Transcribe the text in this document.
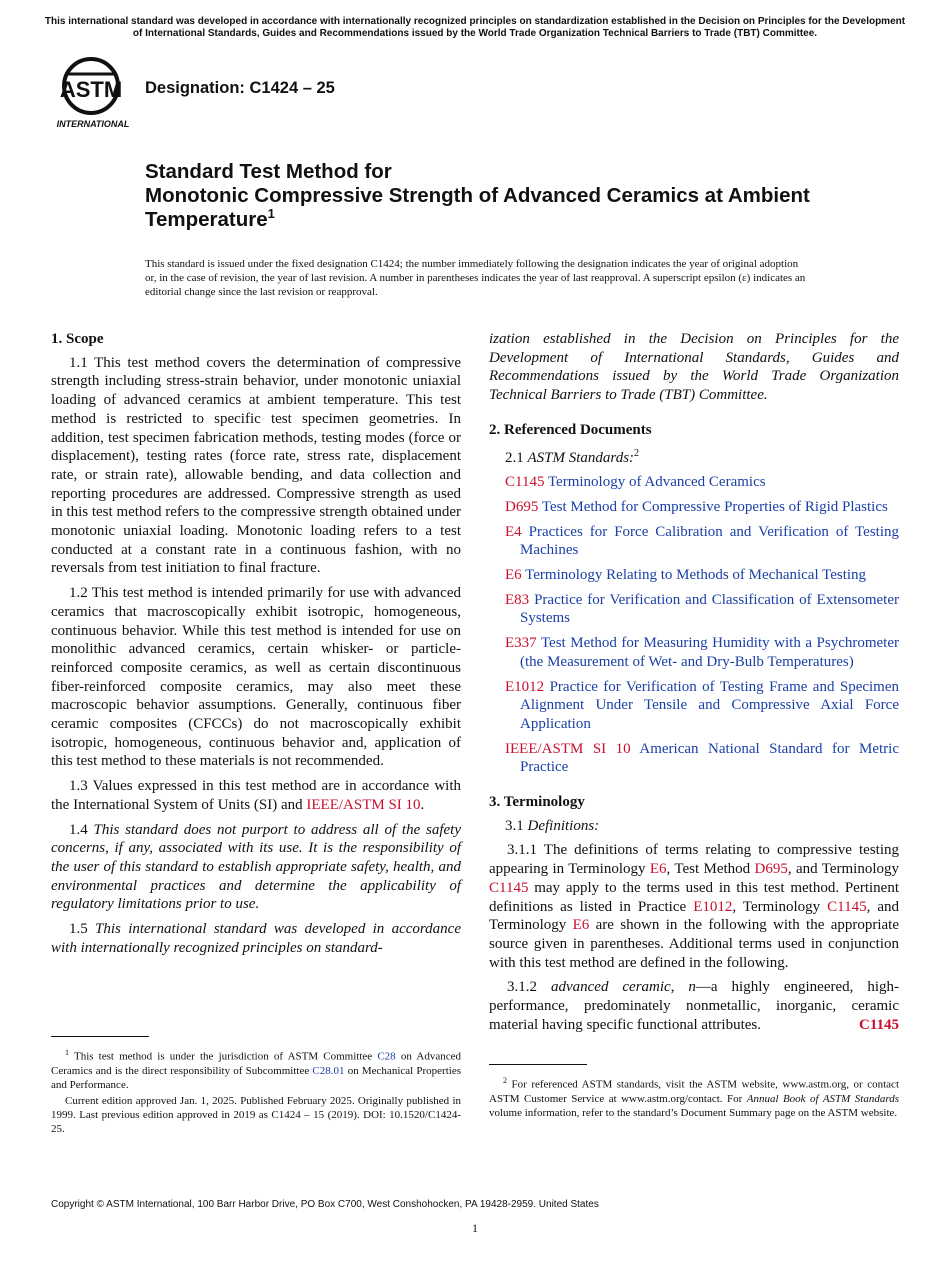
This international standard was developed in accordance with internationally recognized principles on standardization established in the Decision on Principles for the Development of International Standards, Guides and Recommendations issued by the World Trade Organization Technical Barriers to Trade (TBT) Committee.
ASTM
INTERNATIONAL
Designation: C1424 – 25
Standard Test Method for
Monotonic Compressive Strength of Advanced Ceramics at Ambient Temperature$^1$
This standard is issued under the fixed designation C1424; the number immediately following the designation indicates the year of original adoption or, in the case of revision, the year of last revision. A number in parentheses indicates the year of last reapproval. A superscript epsilon (ε) indicates an editorial change since the last revision or reapproval.
1. Scope

1.1 This test method covers the determination of compressive strength including stress-strain behavior, under monotonic uniaxial loading of advanced ceramics at ambient temperature. This test method is restricted to specific test specimen geometries. In addition, test specimen fabrication methods, testing modes (force or displacement), testing rates (force rate, stress rate, displacement rate, or strain rate), allowable bending, and data collection and reporting procedures are addressed. Compressive strength as used in this test method refers to the compressive strength obtained under monotonic uniaxial loading. Monotonic loading refers to a test conducted at a constant rate in a continuous fashion, with no reversals from test initiation to final fracture.

1.2 This test method is intended primarily for use with advanced ceramics that macroscopically exhibit isotropic, homogeneous, continuous behavior. While this test method is intended for use on monolithic advanced ceramics, certain whisker- or particle-reinforced composite ceramics, as well as certain discontinuous fiber-reinforced composite ceramics, may also meet these macroscopic behavior assumptions. Generally, continuous fiber ceramic composites (CFCCs) do not macroscopically exhibit isotropic, homogeneous, continuous behavior and, application of this test method to these materials is not recommended.

1.3 Values expressed in this test method are in accordance with the International System of Units (SI) and IEEE/ASTM SI 10.

1.4 This standard does not purport to address all of the safety concerns, if any, associated with its use. It is the responsibility of the user of this standard to establish appropriate safety, health, and environmental practices and determine the applicability of regulatory limitations prior to use.

1.5 This international standard was developed in accordance with internationally recognized principles on standard-

$^1$ This test method is under the jurisdiction of ASTM Committee C28 on Advanced Ceramics and is the direct responsibility of Subcommittee C28.01 on Mechanical Properties and Performance.

Current edition approved Jan. 1, 2025. Published February 2025. Originally published in 1999. Last previous edition approved in 2019 as C1424 – 15 (2019). DOI: 10.1520/C1424-25.

ization established in the Decision on Principles for the Development of International Standards, Guides and Recommendations issued by the World Trade Organization Technical Barriers to Trade (TBT) Committee.

2. Referenced Documents

2.1 ASTM Standards:$^2$

C1145 Terminology of Advanced Ceramics

D695 Test Method for Compressive Properties of Rigid Plastics

E4 Practices for Force Calibration and Verification of Testing Machines

E6 Terminology Relating to Methods of Mechanical Testing

E83 Practice for Verification and Classification of Extensometer Systems

E337 Test Method for Measuring Humidity with a Psychrometer (the Measurement of Wet- and Dry-Bulb Temperatures)

E1012 Practice for Verification of Testing Frame and Specimen Alignment Under Tensile and Compressive Axial Force Application

IEEE/ASTM SI 10 American National Standard for Metric Practice

3. Terminology

3.1 Definitions:

3.1.1 The definitions of terms relating to compressive testing appearing in Terminology E6, Test Method D695, and Terminology C1145 may apply to the terms used in this test method. Pertinent definitions as listed in Practice E1012, Terminology C1145, and Terminology E6 are shown in the following with the appropriate source given in parentheses. Additional terms used in conjunction with this test method are defined in the following.

3.1.2 advanced ceramic, n—a highly engineered, high-performance, predominately nonmetallic, inorganic, ceramic material having specific functional attributes.	C1145

$^2$ For referenced ASTM standards, visit the ASTM website, www.astm.org, or contact ASTM Customer Service at www.astm.org/contact. For Annual Book of ASTM Standards volume information, refer to the standard’s Document Summary page on the ASTM website.

Copyright © ASTM International, 100 Barr Harbor Drive, PO Box C700, West Conshohocken, PA 19428-2959. United States
1
